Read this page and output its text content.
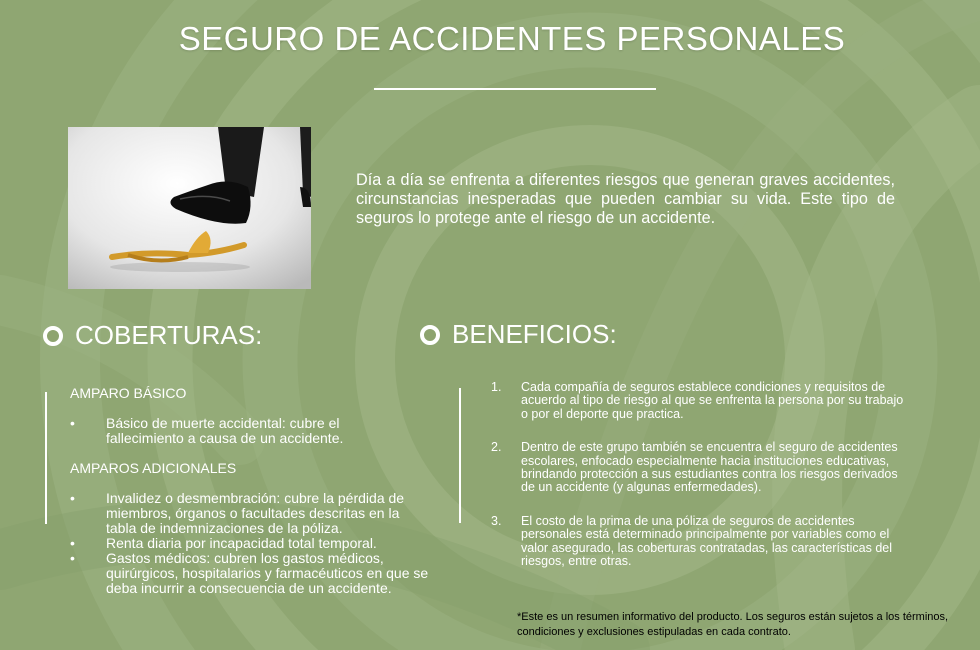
SEGURO DE ACCIDENTES PERSONALES
Día a día se enfrenta a diferentes riesgos que generan graves accidentes, circunstancias inesperadas que pueden cambiar su vida. Este tipo de seguros lo protege ante el riesgo de un accidente.
COBERTURAS:
AMPARO BÁSICO
• Básico de muerte accidental: cubre el fallecimiento a causa de un accidente.
AMPAROS ADICIONALES
• Invalidez o desmembración: cubre la pérdida de miembros, órganos o facultades descritas en la tabla de indemnizaciones de la póliza.
• Renta diaria por incapacidad total temporal.
• Gastos médicos: cubren los gastos médicos, quirúrgicos, hospitalarios y farmacéuticos en que se deba incurrir a consecuencia de un accidente.
BENEFICIOS:
1. Cada compañía de seguros establece condiciones y requisitos de acuerdo al tipo de riesgo al que se enfrenta la persona por su trabajo o por el deporte que practica.
2. Dentro de este grupo también se encuentra el seguro de accidentes escolares, enfocado especialmente hacia instituciones educativas, brindando protección a sus estudiantes contra los riesgos derivados de un accidente (y algunas enfermedades).
3. El costo de la prima de una póliza de seguros de accidentes personales está determinado principalmente por variables como el valor asegurado, las coberturas contratadas, las características del riesgos, entre otras.
*Este es un resumen informativo del producto. Los seguros están sujetos a los términos, condiciones y exclusiones estipuladas en cada contrato.
